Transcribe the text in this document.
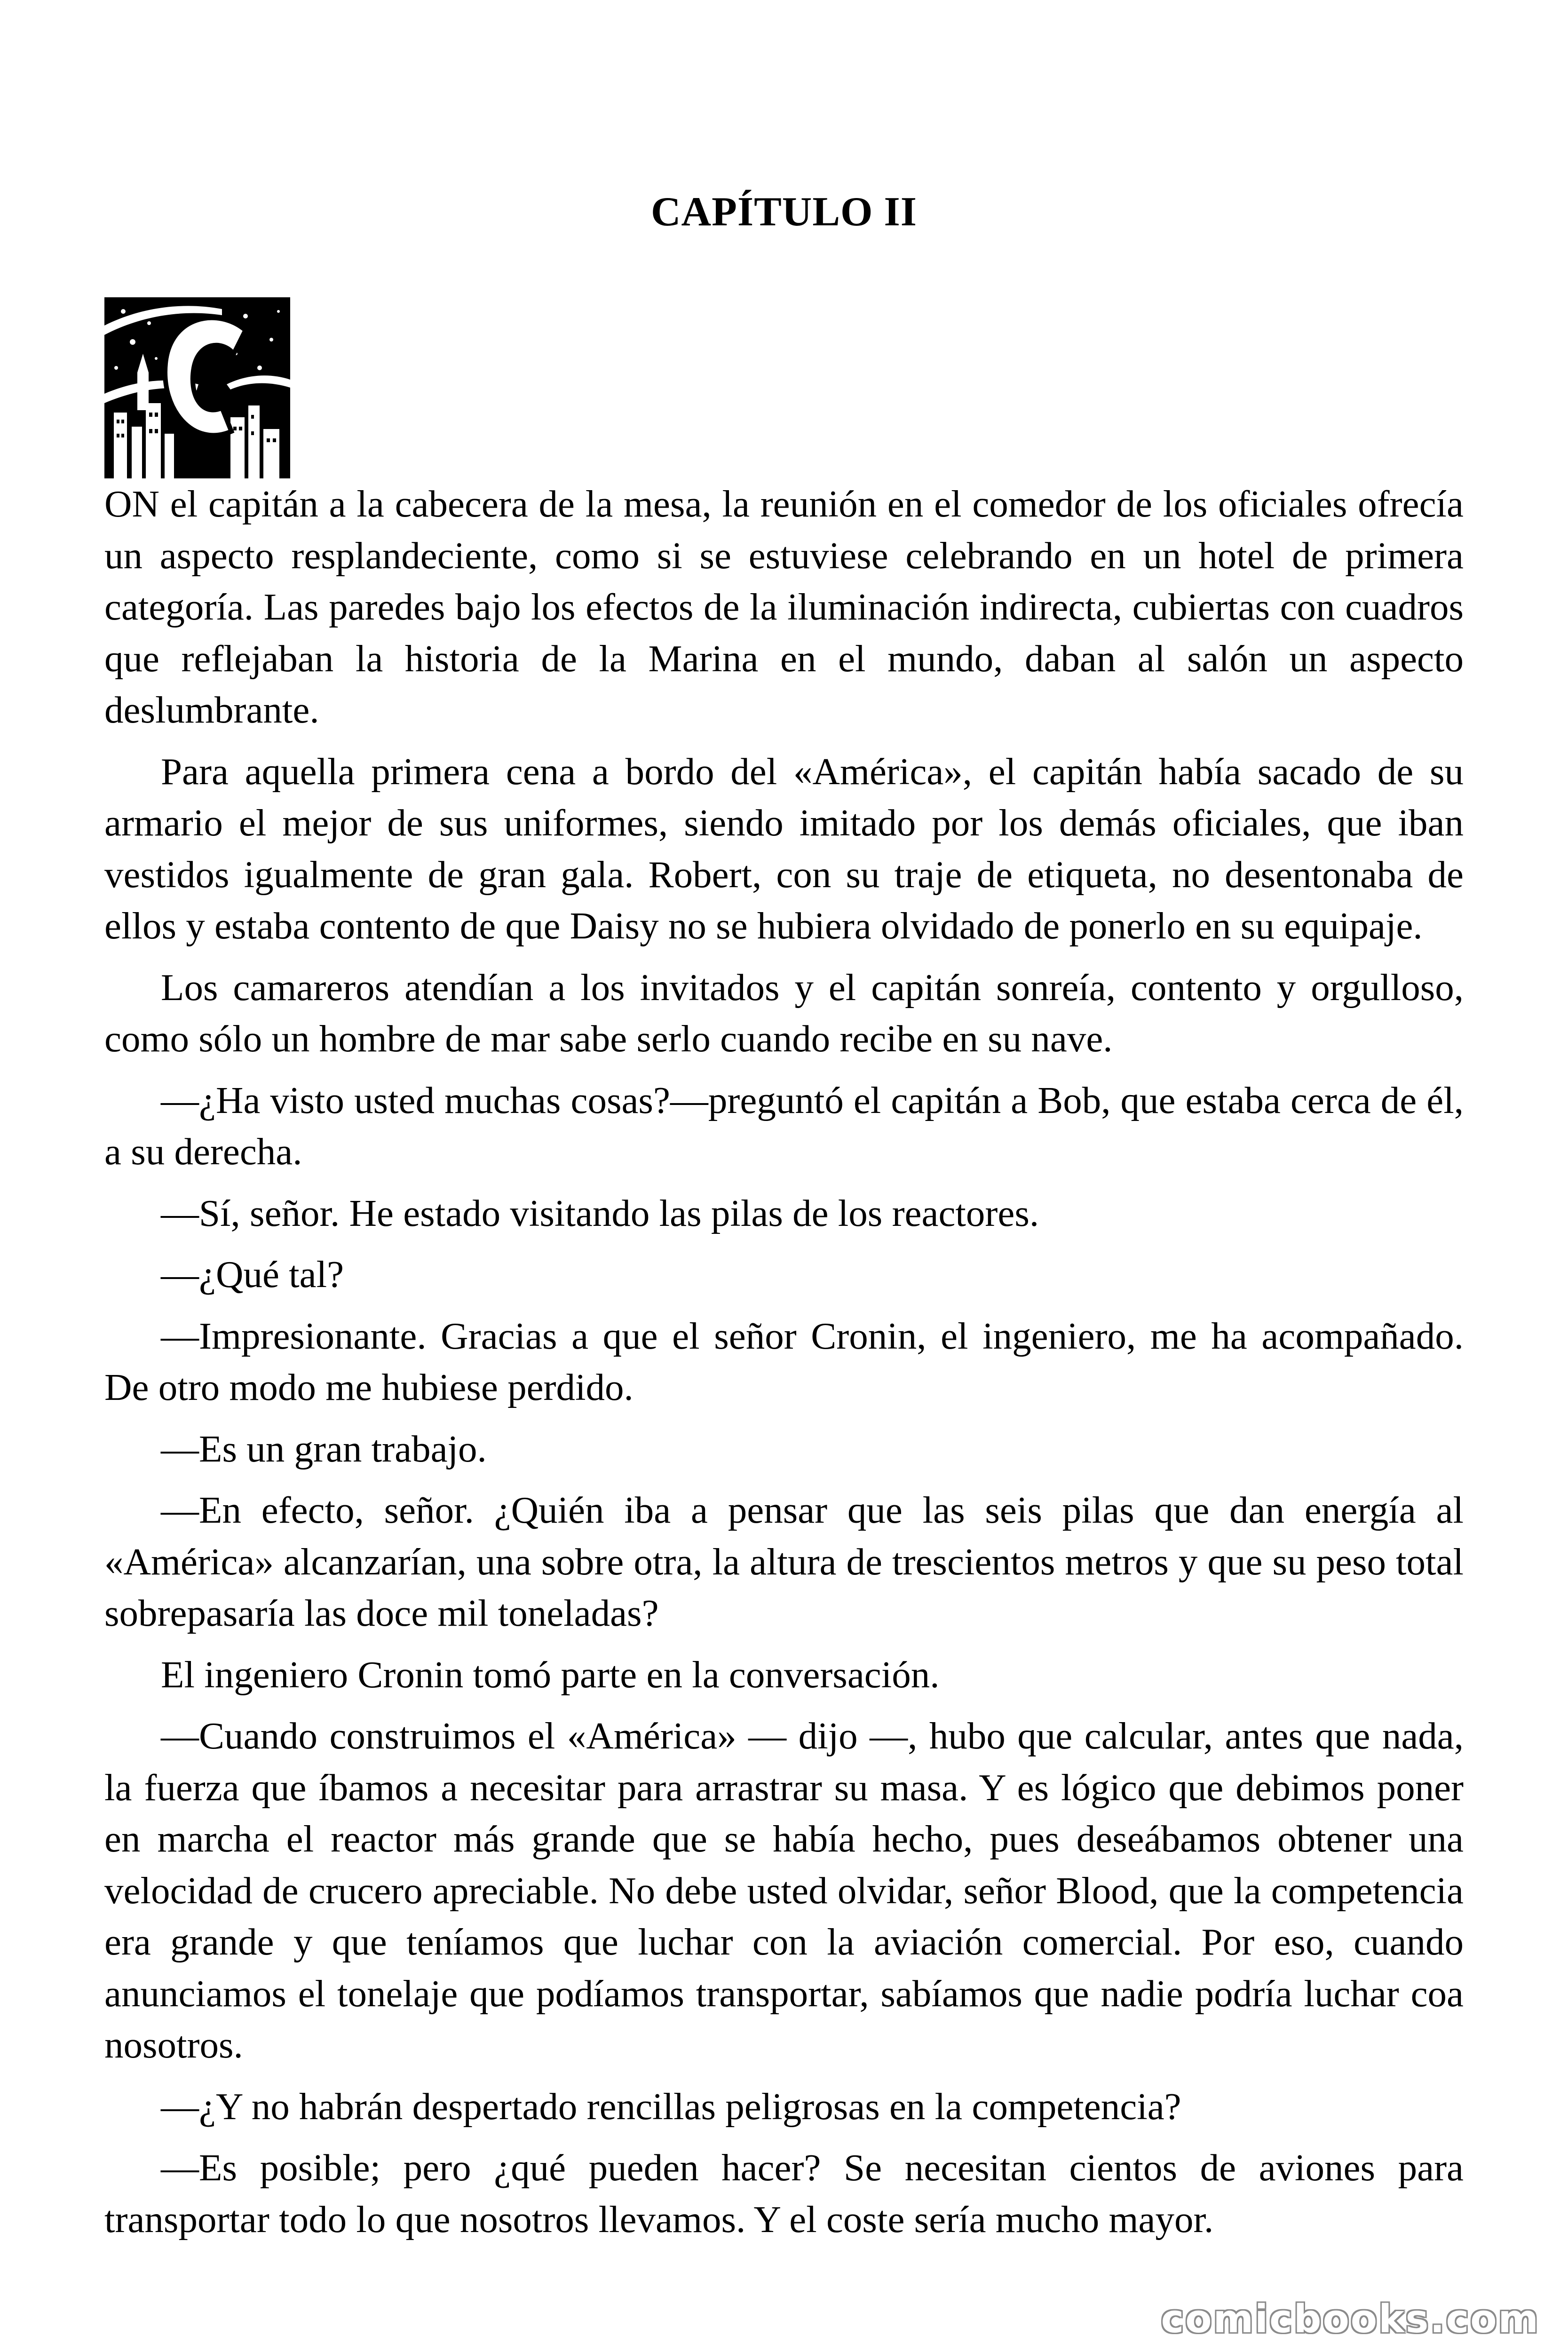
CAPÍTULO II

ON el capitán a la cabecera de la mesa, la reunión en el comedor de los oficiales ofrecía un aspecto resplandeciente, como si se estuviese celebrando en un hotel de primera categoría. Las paredes bajo los efectos de la iluminación indirecta, cubiertas con cuadros que reflejaban la historia de la Marina en el mundo, daban al salón un aspecto deslumbrante.

Para aquella primera cena a bordo del «América», el capitán había sacado de su armario el mejor de sus uniformes, siendo imitado por los demás oficiales, que iban vestidos igualmente de gran gala. Robert, con su traje de etiqueta, no desentonaba de ellos y estaba contento de que Daisy no se hubiera olvidado de ponerlo en su equipaje.

Los camareros atendían a los invitados y el capitán sonreía, contento y orgulloso, como sólo un hombre de mar sabe serlo cuando recibe en su nave.

—¿Ha visto usted muchas cosas?—preguntó el capitán a Bob, que estaba cerca de él, a su derecha.

—Sí, señor. He estado visitando las pilas de los reactores.

—¿Qué tal?

—Impresionante. Gracias a que el señor Cronin, el ingeniero, me ha acompañado. De otro modo me hubiese perdido.

—Es un gran trabajo.

—En efecto, señor. ¿Quién iba a pensar que las seis pilas que dan energía al «América» alcanzarían, una sobre otra, la altura de trescientos metros y que su peso total sobrepasaría las doce mil toneladas?

El ingeniero Cronin tomó parte en la conversación.

—Cuando construimos el «América» — dijo —, hubo que calcular, antes que nada, la fuerza que íbamos a necesitar para arrastrar su masa. Y es lógico que debimos poner en marcha el reactor más grande que se había hecho, pues deseábamos obtener una velocidad de crucero apreciable. No debe usted olvidar, señor Blood, que la competencia era grande y que teníamos que luchar con la aviación comercial. Por eso, cuando anunciamos el tonelaje que podíamos transportar, sabíamos que nadie podría luchar coa nosotros.

—¿Y no habrán despertado rencillas peligrosas en la competencia?

—Es posible; pero ¿qué pueden hacer? Se necesitan cientos de aviones para transportar todo lo que nosotros llevamos. Y el coste sería mucho mayor.

comicbooks.com
